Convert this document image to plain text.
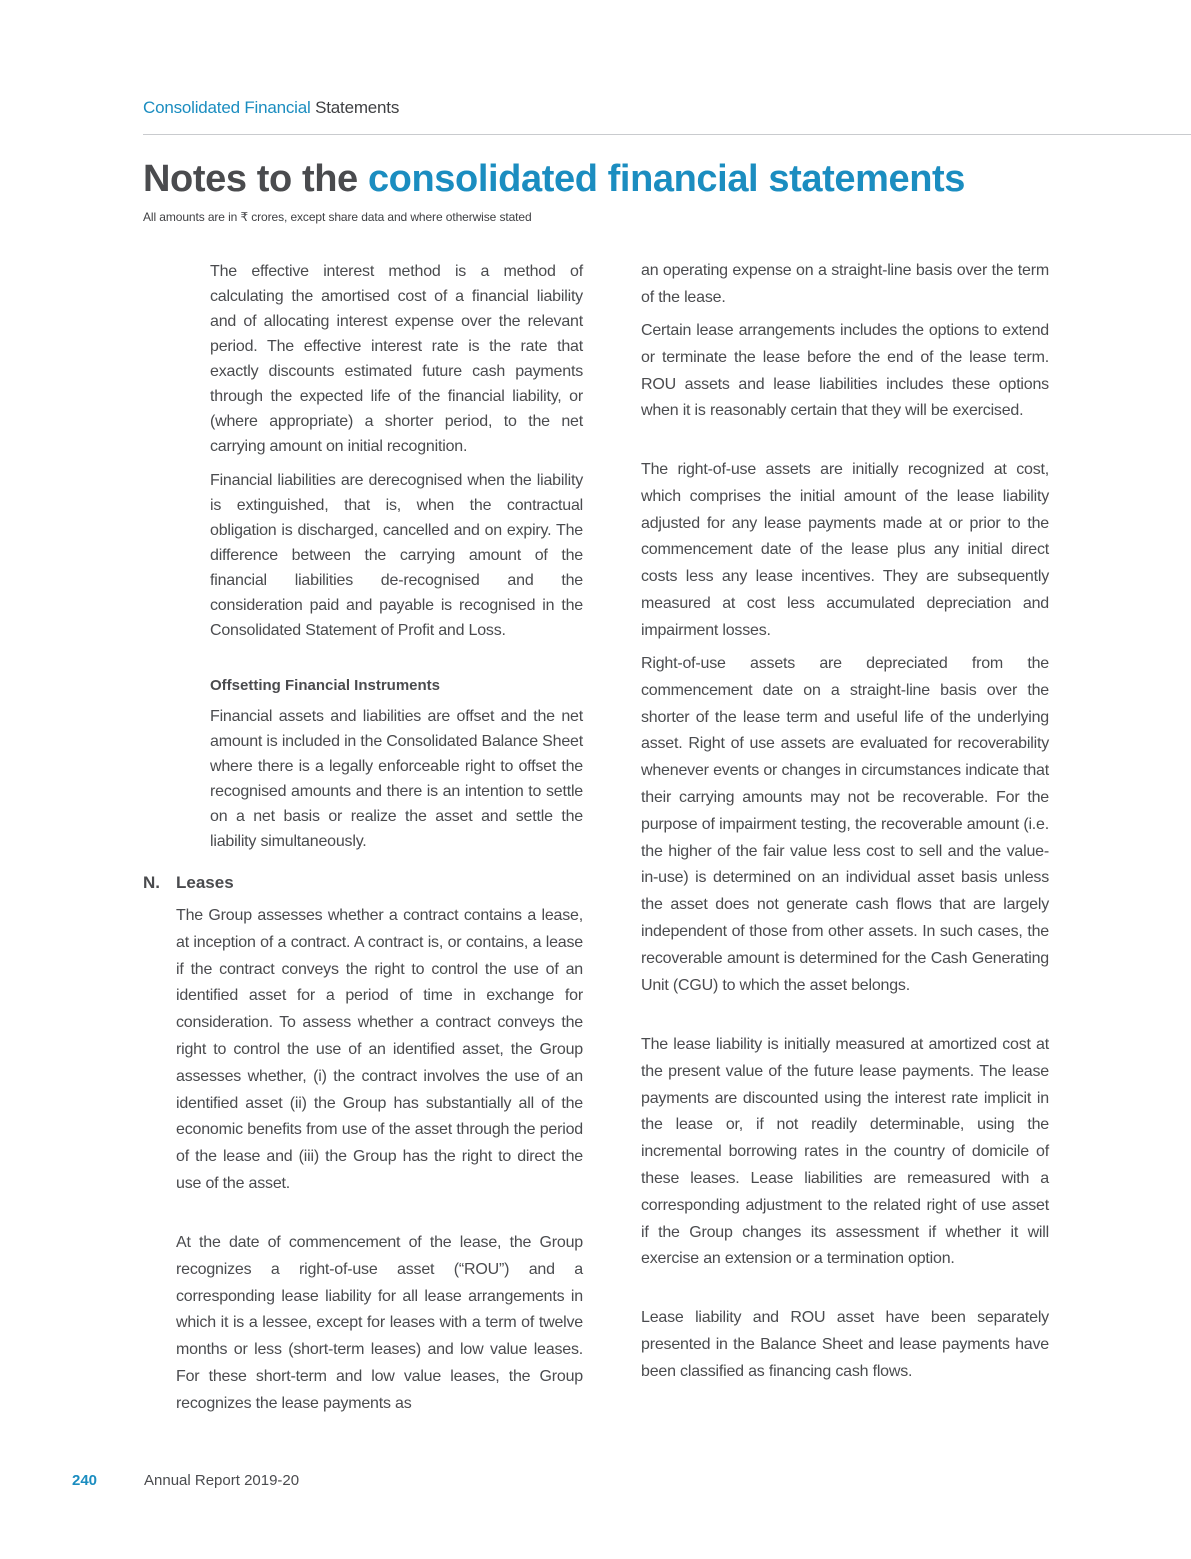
Consolidated Financial Statements
Notes to the consolidated financial statements
All amounts are in ₹ crores, except share data and where otherwise stated

The effective interest method is a method of calculating the amortised cost of a financial liability and of allocating interest expense over the relevant period. The effective interest rate is the rate that exactly discounts estimated future cash payments through the expected life of the financial liability, or (where appropriate) a shorter period, to the net carrying amount on initial recognition.

Financial liabilities are derecognised when the liability is extinguished, that is, when the contractual obligation is discharged, cancelled and on expiry. The difference between the carrying amount of the financial liabilities de-recognised and the consideration paid and payable is recognised in the Consolidated Statement of Profit and Loss.

Offsetting Financial Instruments

Financial assets and liabilities are offset and the net amount is included in the Consolidated Balance Sheet where there is a legally enforceable right to offset the recognised amounts and there is an intention to settle on a net basis or realize the asset and settle the liability simultaneously.

N. Leases

The Group assesses whether a contract contains a lease, at inception of a contract. A contract is, or contains, a lease if the contract conveys the right to control the use of an identified asset for a period of time in exchange for consideration. To assess whether a contract conveys the right to control the use of an identified asset, the Group assesses whether, (i) the contract involves the use of an identified asset (ii) the Group has substantially all of the economic benefits from use of the asset through the period of the lease and (iii) the Group has the right to direct the use of the asset.

At the date of commencement of the lease, the Group recognizes a right-of-use asset (“ROU”) and a corresponding lease liability for all lease arrangements in which it is a lessee, except for leases with a term of twelve months or less (short-term leases) and low value leases. For these short-term and low value leases, the Group recognizes the lease payments as

an operating expense on a straight-line basis over the term of the lease.

Certain lease arrangements includes the options to extend or terminate the lease before the end of the lease term. ROU assets and lease liabilities includes these options when it is reasonably certain that they will be exercised.

The right-of-use assets are initially recognized at cost, which comprises the initial amount of the lease liability adjusted for any lease payments made at or prior to the commencement date of the lease plus any initial direct costs less any lease incentives. They are subsequently measured at cost less accumulated depreciation and impairment losses.

Right-of-use assets are depreciated from the commencement date on a straight-line basis over the shorter of the lease term and useful life of the underlying asset. Right of use assets are evaluated for recoverability whenever events or changes in circumstances indicate that their carrying amounts may not be recoverable. For the purpose of impairment testing, the recoverable amount (i.e. the higher of the fair value less cost to sell and the value-in-use) is determined on an individual asset basis unless the asset does not generate cash flows that are largely independent of those from other assets. In such cases, the recoverable amount is determined for the Cash Generating Unit (CGU) to which the asset belongs.

The lease liability is initially measured at amortized cost at the present value of the future lease payments. The lease payments are discounted using the interest rate implicit in the lease or, if not readily determinable, using the incremental borrowing rates in the country of domicile of these leases. Lease liabilities are remeasured with a corresponding adjustment to the related right of use asset if the Group changes its assessment if whether it will exercise an extension or a termination option.

Lease liability and ROU asset have been separately presented in the Balance Sheet and lease payments have been classified as financing cash flows.

240	Annual Report 2019-20
